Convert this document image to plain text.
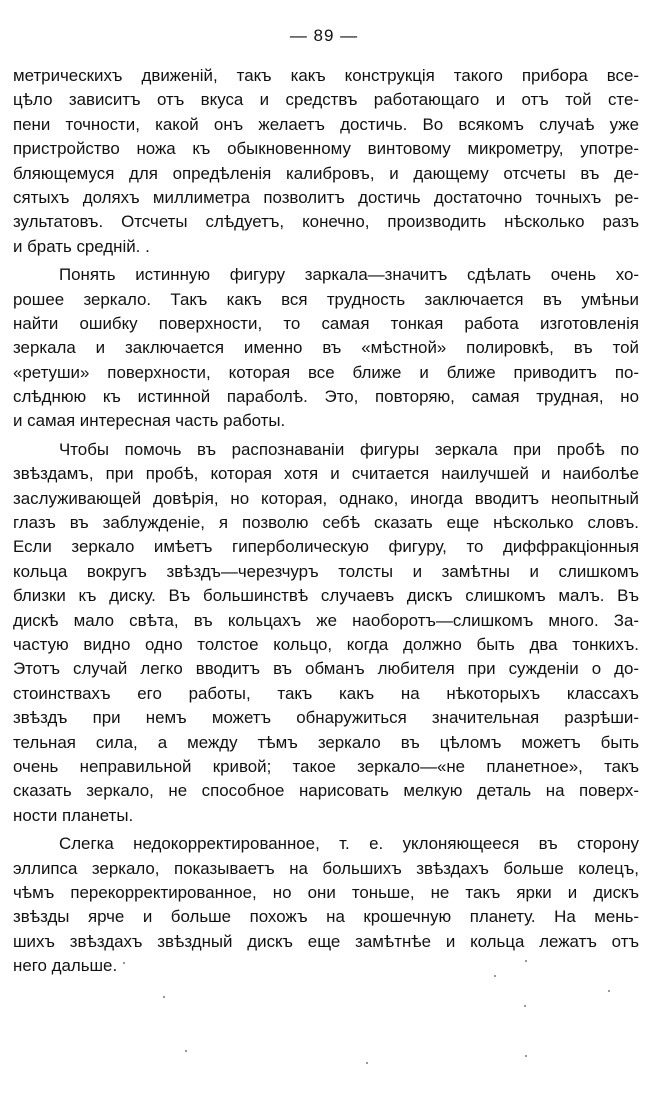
— 89 —
метрическихъ движеній, такъ какъ конструкція такого прибора все-
цѣло зависитъ отъ вкуса и средствъ работающаго и отъ той сте-
пени точности, какой онъ желаетъ достичь. Во всякомъ случаѣ уже
пристройство ножа къ обыкновенному винтовому микрометру, употре-
бляющемуся для опредѣленія калибровъ, и дающему отсчеты въ де-
сятыхъ доляхъ миллиметра позволитъ достичь достаточно точныхъ ре-
зультатовъ. Отсчеты слѣдуетъ, конечно, производить нѣсколько разъ
и брать средній. .
Понять истинную фигуру заркала—значитъ сдѣлать очень хо-
рошее зеркало. Такъ какъ вся трудность заключается въ умѣньи
найти ошибку поверхности, то самая тонкая работа изготовленія
зеркала и заключается именно въ «мѣстной» полировкѣ, въ той
«ретуши» поверхности, которая все ближе и ближе приводитъ по-
слѣднюю къ истинной параболѣ. Это, повторяю, самая трудная, но
и самая интересная часть работы.
Чтобы помочь въ распознаваніи фигуры зеркала при пробѣ по
звѣздамъ, при пробѣ, которая хотя и считается наилучшей и наиболѣе
заслуживающей довѣрія, но которая, однако, иногда вводитъ неопытный
глазъ въ заблужденіе, я позволю себѣ сказать еще нѣсколько словъ.
Если зеркало имѣетъ гиперболическую фигуру, то диффракціонныя
кольца вокругъ звѣздъ—черезчуръ толсты и замѣтны и слишкомъ
близки къ диску. Въ большинствѣ случаевъ дискъ слишкомъ малъ. Въ
дискѣ мало свѣта, въ кольцахъ же наоборотъ—слишкомъ много. За-
частую видно одно толстое кольцо, когда должно быть два тонкихъ.
Этотъ случай легко вводитъ въ обманъ любителя при сужденіи о до-
стоинствахъ его работы, такъ какъ на нѣкоторыхъ классахъ
звѣздъ при немъ можетъ обнаружиться значительная разрѣши-
тельная сила, а между тѣмъ зеркало въ цѣломъ можетъ быть
очень неправильной кривой; такое зеркало—«не планетное», такъ
сказать зеркало, не способное нарисовать мелкую деталь на поверх-
ности планеты.
Слегка недокорректированное, т. е. уклоняющееся въ сторону
эллипса зеркало, показываетъ на большихъ звѣздахъ больше колецъ,
чѣмъ перекорректированное, но они тоньше, не такъ ярки и дискъ
звѣзды ярче и больше похожъ на крошечную планету. На мень-
шихъ звѣздахъ звѣздный дискъ еще замѣтнѣе и кольца лежатъ отъ
него дальше.
